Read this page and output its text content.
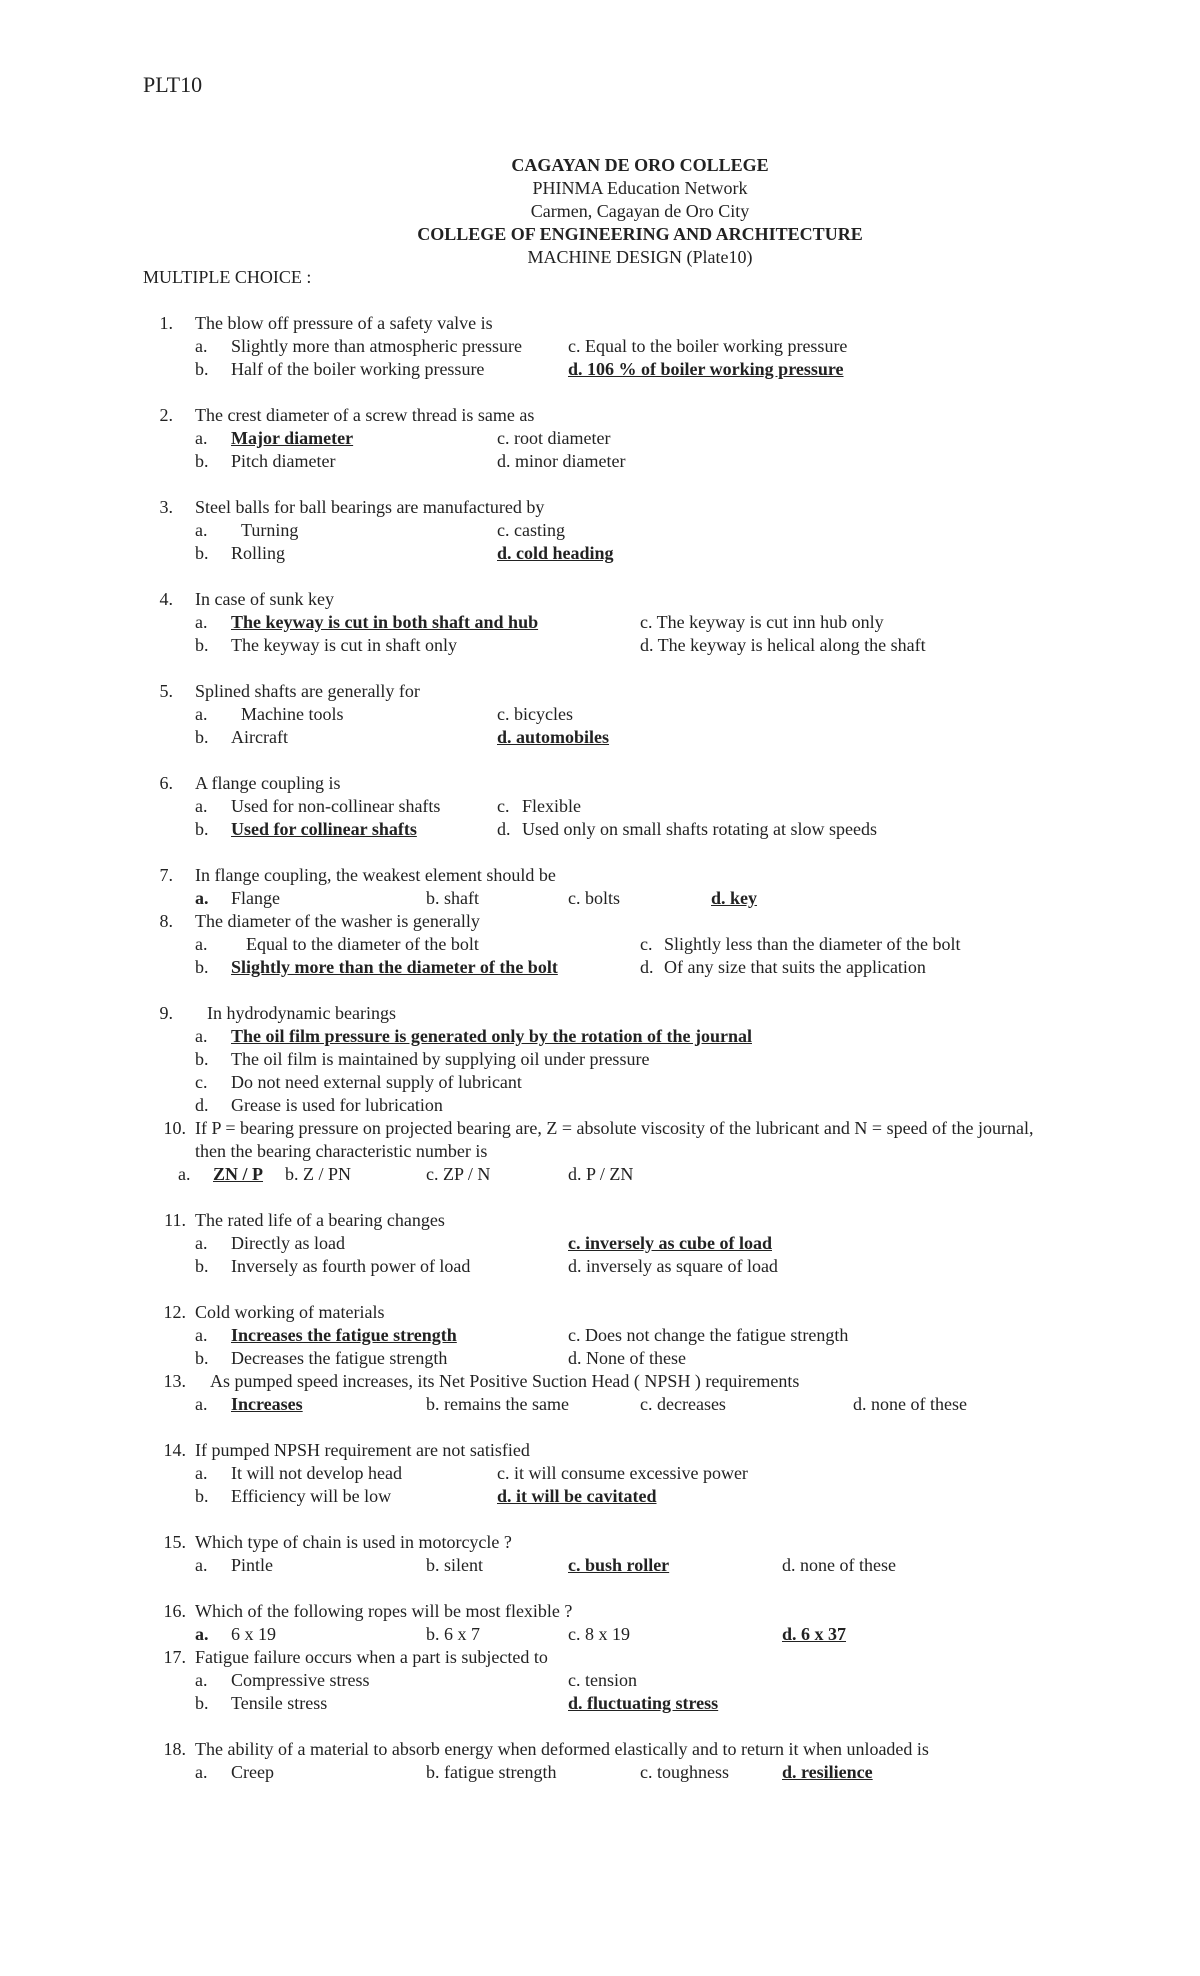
PLT10
CAGAYAN DE ORO COLLEGE
PHINMA Education Network
Carmen, Cagayan de Oro City
COLLEGE OF ENGINEERING AND ARCHITECTURE
MACHINE DESIGN (Plate10)
MULTIPLE CHOICE :
1. The blow off pressure of a safety valve is
a. Slightly more than atmospheric pressure	c. Equal to the boiler working pressure
b. Half of the boiler working pressure	d. 106 % of boiler working pressure
2. The crest diameter of a screw thread is same as
a. Major diameter	c. root diameter
b. Pitch diameter	d. minor diameter
3. Steel balls for ball bearings are manufactured by
a. Turning	c. casting
b. Rolling	d. cold heading
4. In case of sunk key
a. The keyway is cut in both shaft and hub	c. The keyway is cut inn hub only
b. The keyway is cut in shaft only	d. The keyway is helical along the shaft
5. Splined shafts are generally for
a. Machine tools	c. bicycles
b. Aircraft	d. automobiles
6. A flange coupling is
a. Used for non-collinear shafts	c. Flexible
b. Used for collinear shafts	d. Used only on small shafts rotating at slow speeds
7. In flange coupling, the weakest element should be
a. Flange	b. shaft	c. bolts	d. key
8. The diameter of the washer is generally
a. Equal to the diameter of the bolt	c. Slightly less than the diameter of the bolt
b. Slightly more than the diameter of the bolt	d. Of any size that suits the application
9. In hydrodynamic bearings
a. The oil film pressure is generated only by the rotation of the journal
b. The oil film is maintained by supplying oil under pressure
c. Do not need external supply of lubricant
d. Grease is used for lubrication
10. If P = bearing pressure on projected bearing are, Z = absolute viscosity of the lubricant and N = speed of the journal,
then the bearing characteristic number is
a. ZN / P b. Z / PN	c. ZP / N	d. P / ZN
11. The rated life of a bearing changes
a. Directly as load	c. inversely as cube of load
b. Inversely as fourth power of load	d. inversely as square of load
12. Cold working of materials
a. Increases the fatigue strength	c. Does not change the fatigue strength
b. Decreases the fatigue strength	d. None of these
13. As pumped speed increases, its Net Positive Suction Head ( NPSH ) requirements
a. Increases	b. remains the same	c. decreases	d. none of these
14. If pumped NPSH requirement are not satisfied
a. It will not develop head	c. it will consume excessive power
b. Efficiency will be low	d. it will be cavitated
15. Which type of chain is used in motorcycle ?
a. Pintle	b. silent	c. bush roller	d. none of these
16. Which of the following ropes will be most flexible ?
a. 6 x 19	b. 6 x 7	c. 8 x 19	d. 6 x 37
17. Fatigue failure occurs when a part is subjected to
a. Compressive stress	c. tension
b. Tensile stress	d. fluctuating stress
18. The ability of a material to absorb energy when deformed elastically and to return it when unloaded is
a. Creep	b. fatigue strength	c. toughness	d. resilience
